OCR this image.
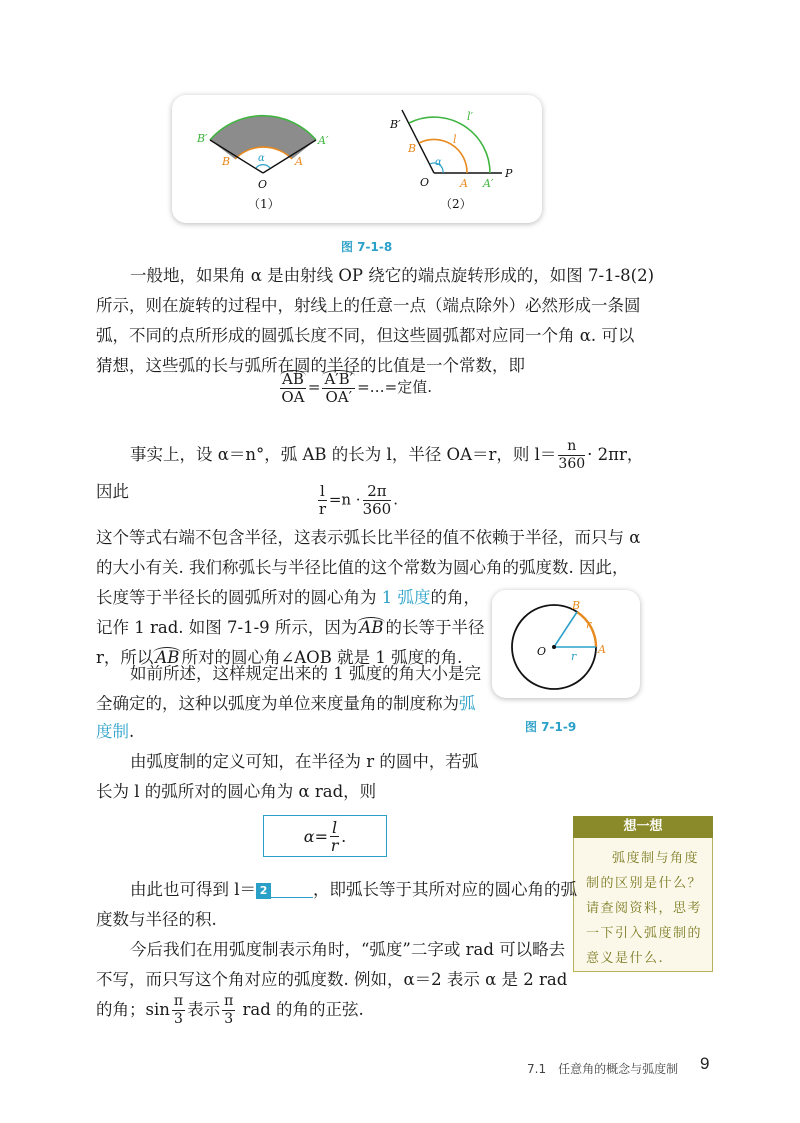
B′	A′
B	A
α
O
（1）
B′
l′
l
B
α
O	A A′
P
（2）
图 7-1-8
一般地，如果角 α 是由射线 OP 绕它的端点旋转形成的，如图 7-1-8(2)
所示，则在旋转的过程中，射线上的任意一点（端点除外）必然形成一条圆
弧，不同的点所形成的圆弧长度不同，但这些圆弧都对应同一个角 α. 可以
猜想，这些弧的长与弧所在圆的半径的比值是一个常数，即
$\frac{AB}{OA} = \frac{A'B'}{OA'}$ =…=定值.
事实上，设 α＝n°，弧 AB 的长为 l，半径 OA＝r，则 $l= \frac{n}{360} \cdot 2\pi r$，
因此	$\frac{l}{r} =n \cdot \frac{2\pi}{360}$ .
这个等式右端不包含半径，这表示弧长比半径的值不依赖于半径，而只与 α
的大小有关. 我们称弧长与半径比值的这个常数为圆心角的弧度数. 因此，
长度等于半径长的圆弧所对的圆心角为 1 弧度的角，
记作 1 rad. 如图 7-1-9 所示，因为 AB 的长等于半径
r，所以 AB 所对的圆心角∠AOB 就是 1 弧度的角.
B
r
O r
A
图 7-1-9
如前所述，这样规定出来的 1 弧度的角大小是完
全确定的，这种以弧度为单位来度量角的制度称为弧
度制.
由弧度制的定义可知，在半径为 r 的圆中，若弧
长为 l 的弧所对的圆心角为 α rad，则
$\alpha= \frac{l}{r}$ .	想一想
弧度制与角度制的区别是什么？请查阅资料，思考一下引入弧度制的意义是什么.
由此也可得到 l＝ 2	，即弧长等于其所对应的圆心角的弧
度数与半径的积.
今后我们在用弧度制表示角时，“弧度”二字或 rad 可以略去
不写，而只写这个角对应的弧度数. 例如，α＝2 表示 α 是 2 rad
的角；$\sin \frac{\pi}{3}$ 表示 $\frac{\pi}{3}$ rad 的角的正弦.
7.1　任意角的概念与弧度制 9
